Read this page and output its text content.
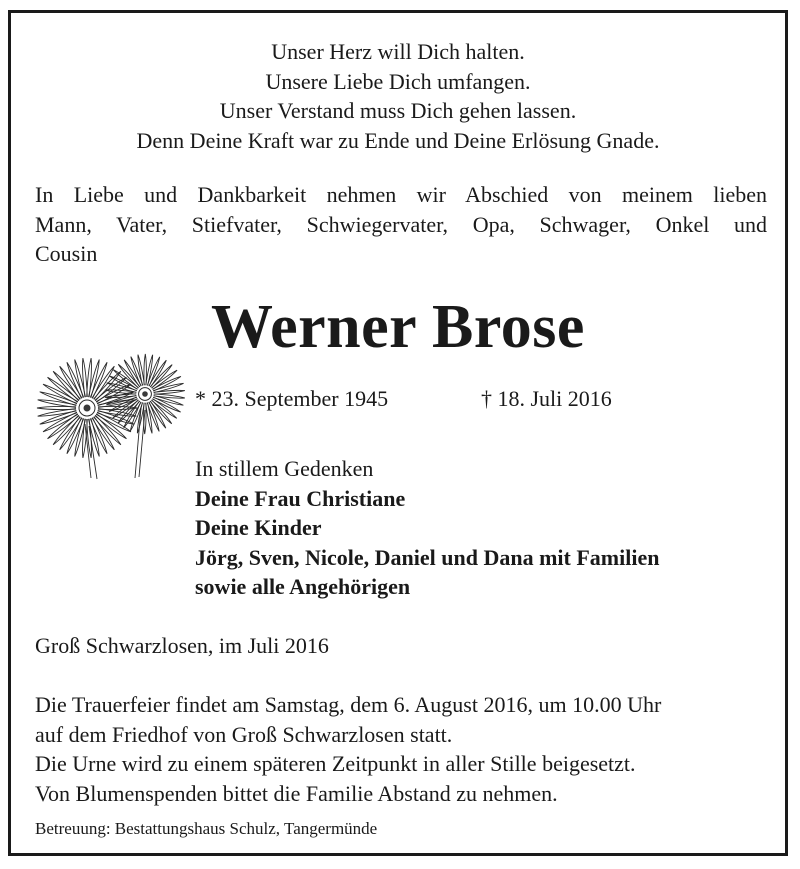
Unser Herz will Dich halten.
Unsere Liebe Dich umfangen.
Unser Verstand muss Dich gehen lassen.
Denn Deine Kraft war zu Ende und Deine Erlösung Gnade.
In Liebe und Dankbarkeit nehmen wir Abschied von meinem lieben
Mann, Vater, Stiefvater, Schwiegervater, Opa, Schwager, Onkel und
Cousin
Werner Brose
* 23. September 1945	† 18. Juli 2016
In stillem Gedenken
Deine Frau Christiane
Deine Kinder
Jörg, Sven, Nicole, Daniel und Dana mit Familien
sowie alle Angehörigen
Groß Schwarzlosen, im Juli 2016
Die Trauerfeier findet am Samstag, dem 6. August 2016, um 10.00 Uhr
auf dem Friedhof von Groß Schwarzlosen statt.
Die Urne wird zu einem späteren Zeitpunkt in aller Stille beigesetzt.
Von Blumenspenden bittet die Familie Abstand zu nehmen.
Betreuung: Bestattungshaus Schulz, Tangermünde
